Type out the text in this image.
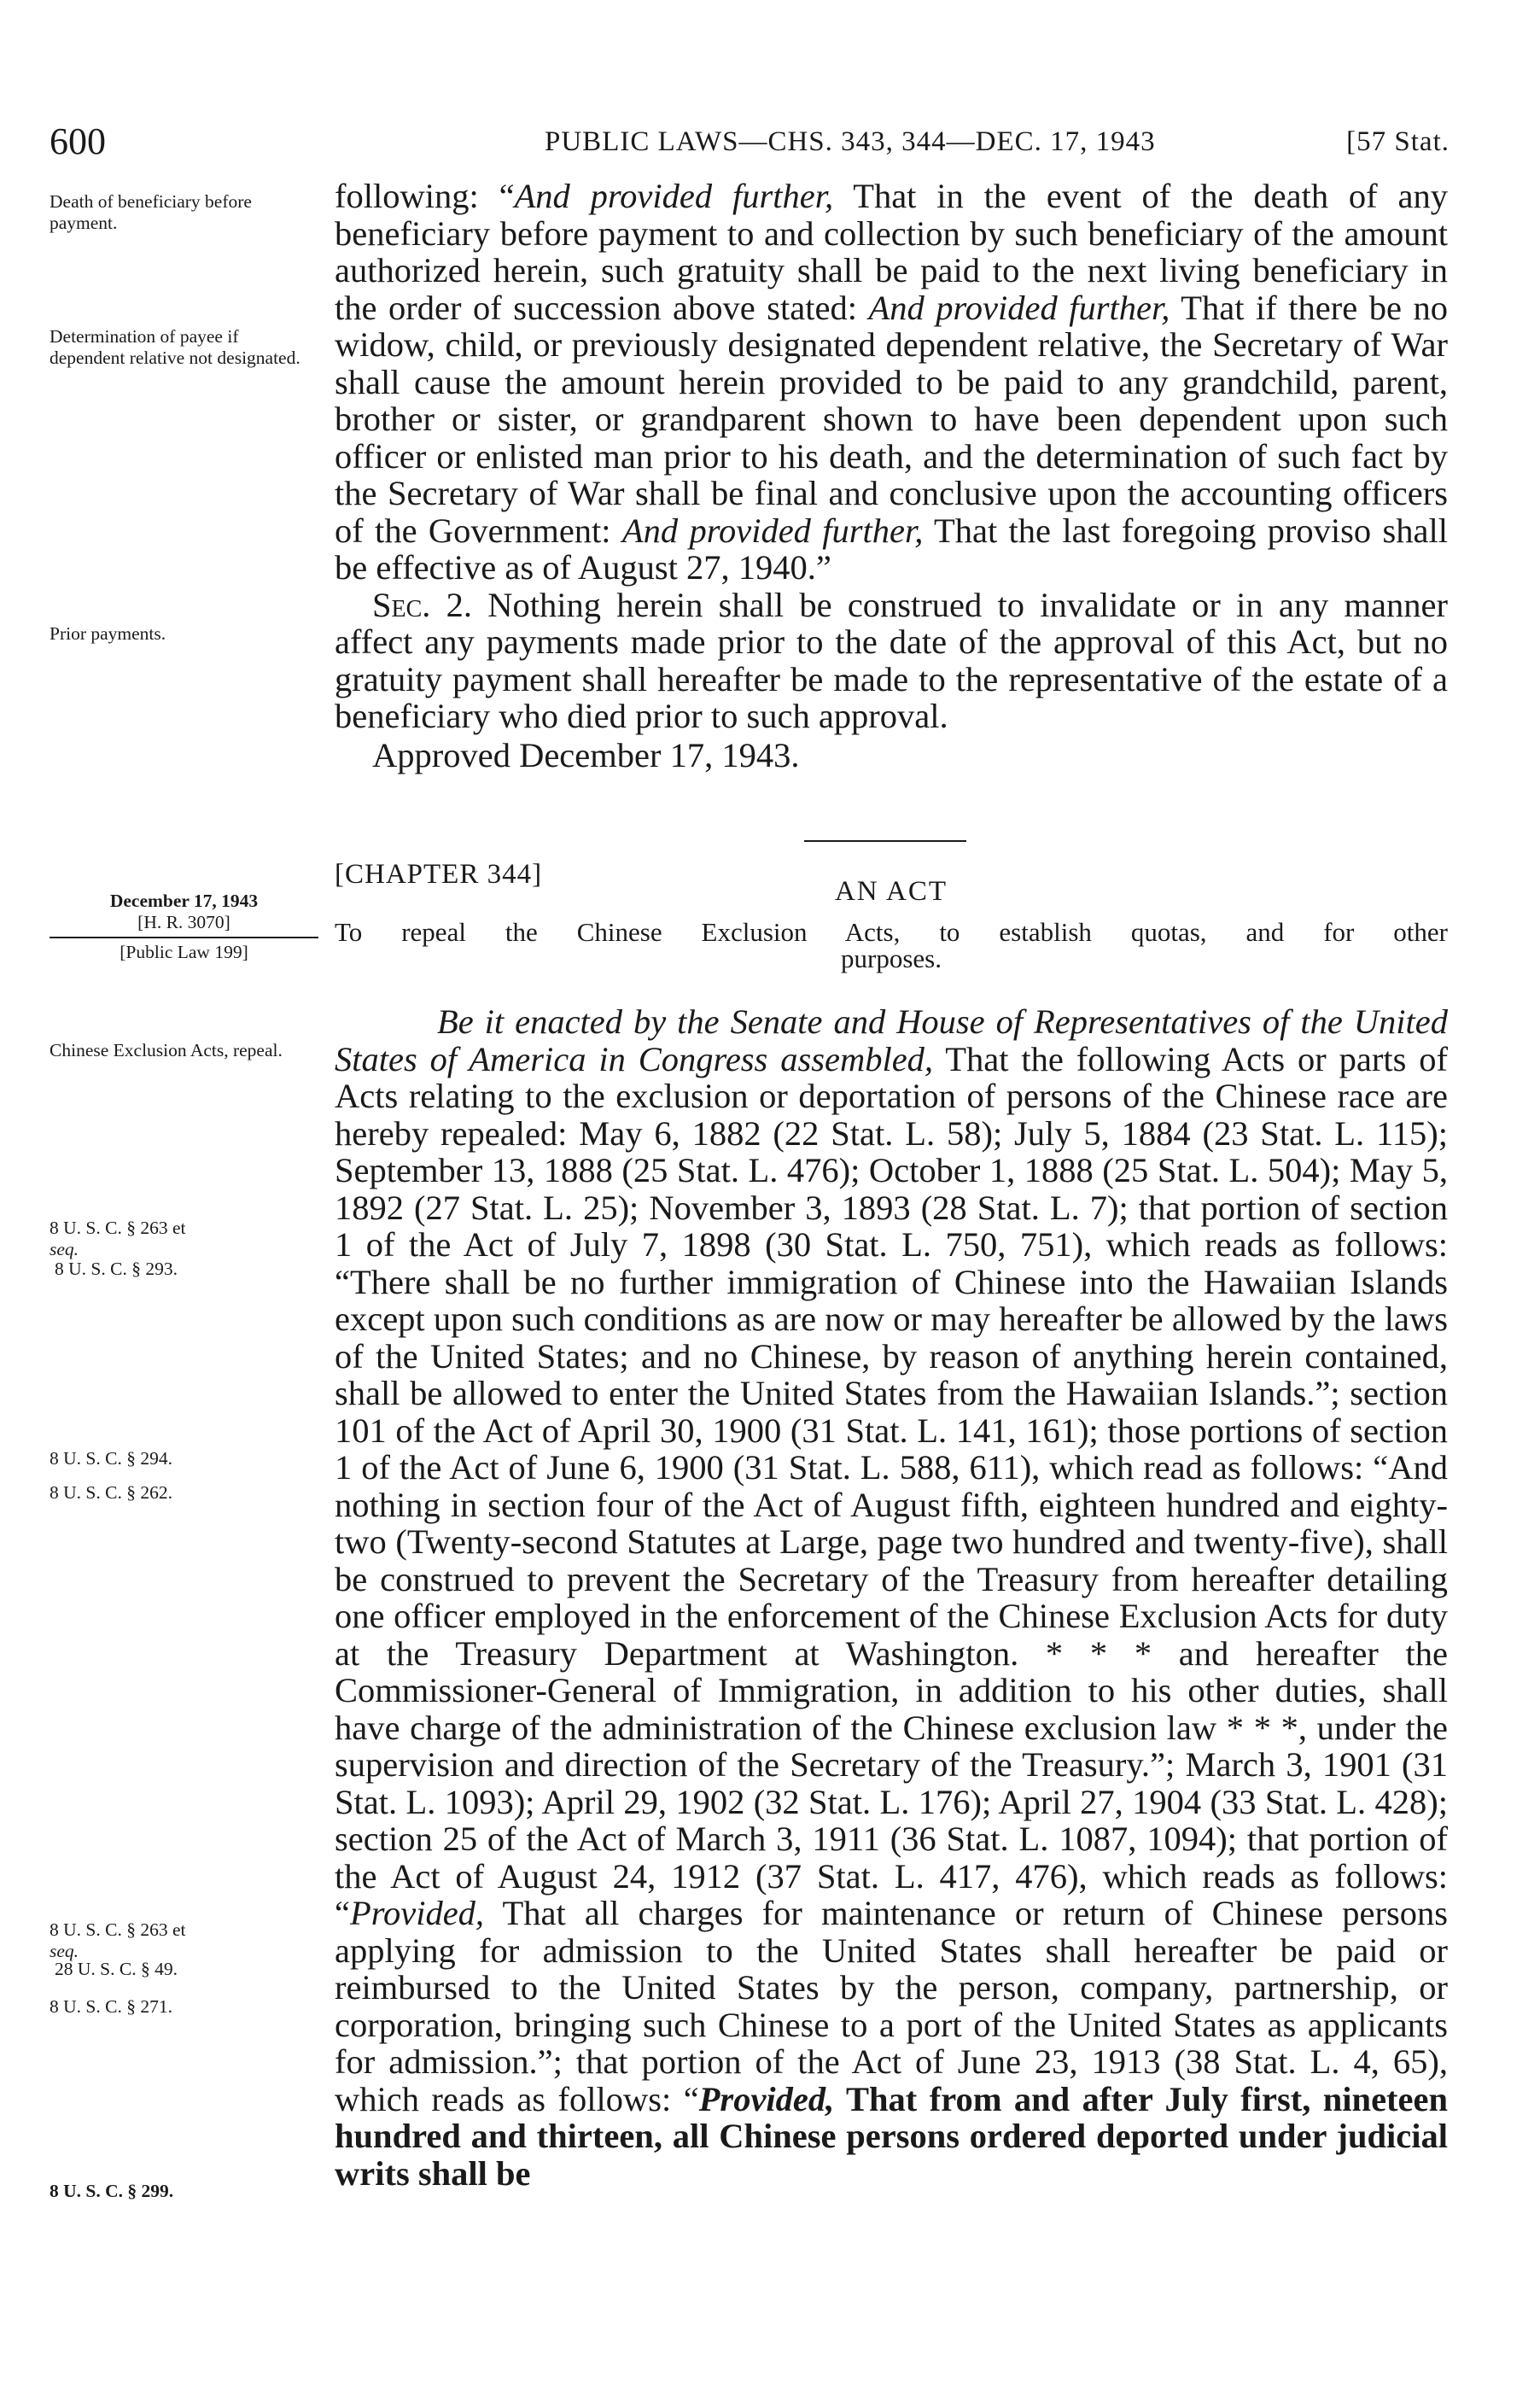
600	PUBLIC LAWS—CHS. 343, 344—DEC. 17, 1943	[57 Stat.
Death of beneficiary before payment.
Determination of payee if dependent relative not designated.
Prior payments.
Chinese Exclusion Acts, repeal.
8 U. S. C. § 263 et
seq.
8 U. S. C. § 293.
8 U. S. C. § 294.
8 U. S. C. § 262.
8 U. S. C. § 263 et
seq.
28 U. S. C. § 49.
8 U. S. C. § 271.
8 U. S. C. § 299.

following: “And provided further, That in the event of the death of any beneficiary before payment to and collection by such beneficiary of the amount authorized herein, such gratuity shall be paid to the next living beneficiary in the order of succession above stated: And provided further, That if there be no widow, child, or previously designated dependent relative, the Secretary of War shall cause the amount herein provided to be paid to any grandchild, parent, brother or sister, or grandparent shown to have been dependent upon such officer or enlisted man prior to his death, and the determination of such fact by the Secretary of War shall be final and conclusive upon the accounting officers of the Government: And provided further, That the last foregoing proviso shall be effective as of August 27, 1940.”

Sec. 2. Nothing herein shall be construed to invalidate or in any manner affect any payments made prior to the date of the approval of this Act, but no gratuity payment shall hereafter be made to the representative of the estate of a beneficiary who died prior to such approval.

Approved December 17, 1943.

[CHAPTER 344]
AN ACT
To repeal the Chinese Exclusion Acts, to establish quotas, and for other
purposes.
December 17, 1943
[H. R. 3070]
[Public Law 199]

Be it enacted by the Senate and House of Representatives of the United States of America in Congress assembled, That the following Acts or parts of Acts relating to the exclusion or deportation of persons of the Chinese race are hereby repealed: May 6, 1882 (22 Stat. L. 58); July 5, 1884 (23 Stat. L. 115); September 13, 1888 (25 Stat. L. 476); October 1, 1888 (25 Stat. L. 504); May 5, 1892 (27 Stat. L. 25); November 3, 1893 (28 Stat. L. 7); that portion of section 1 of the Act of July 7, 1898 (30 Stat. L. 750, 751), which reads as follows: “There shall be no further immigration of Chinese into the Hawaiian Islands except upon such conditions as are now or may hereafter be allowed by the laws of the United States; and no Chinese, by reason of anything herein contained, shall be allowed to enter the United States from the Hawaiian Islands.”; section 101 of the Act of April 30, 1900 (31 Stat. L. 141, 161); those portions of section 1 of the Act of June 6, 1900 (31 Stat. L. 588, 611), which read as follows: “And nothing in section four of the Act of August fifth, eighteen hundred and eighty-two (Twenty-second Statutes at Large, page two hundred and twenty-five), shall be construed to prevent the Secretary of the Treasury from hereafter detailing one officer employed in the enforcement of the Chinese Exclusion Acts for duty at the Treasury Department at Washington. * * * and hereafter the Commissioner-General of Immigration, in addition to his other duties, shall have charge of the administration of the Chinese exclusion law * * *, under the supervision and direction of the Secretary of the Treasury.”; March 3, 1901 (31 Stat. L. 1093); April 29, 1902 (32 Stat. L. 176); April 27, 1904 (33 Stat. L. 428); section 25 of the Act of March 3, 1911 (36 Stat. L. 1087, 1094); that portion of the Act of August 24, 1912 (37 Stat. L. 417, 476), which reads as follows: “Provided, That all charges for maintenance or return of Chinese persons applying for admission to the United States shall hereafter be paid or reimbursed to the United States by the person, company, partnership, or corporation, bringing such Chinese to a port of the United States as applicants for admission.”; that portion of the Act of June 23, 1913 (38 Stat. L. 4, 65), which reads as follows: “Provided, That from and after July first, nineteen hundred and thirteen, all Chinese persons ordered deported under judicial writs shall be
